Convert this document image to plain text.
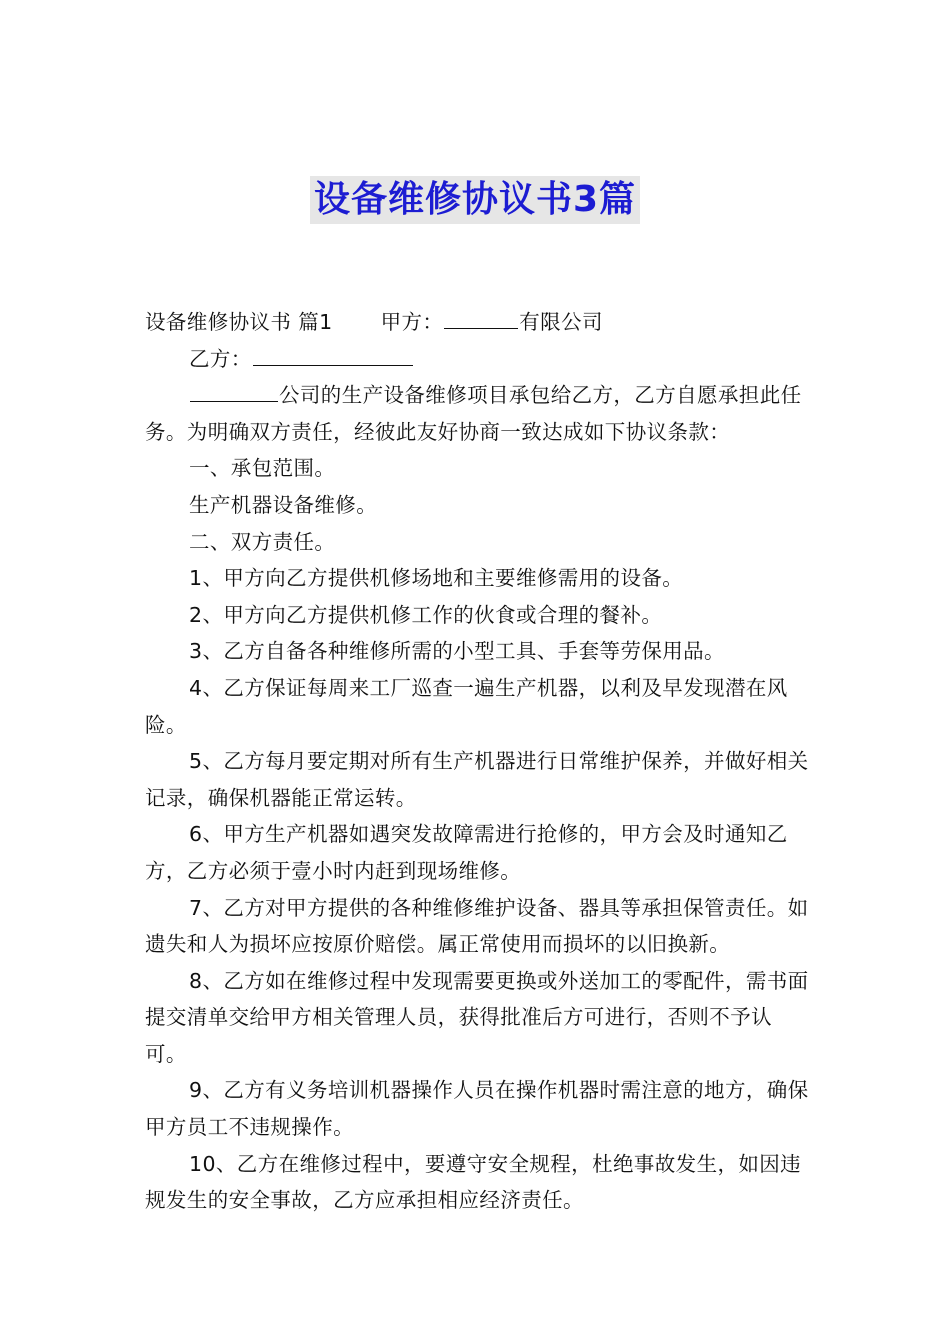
设备维修协议书3篇

设备维修协议书 篇1 甲方：	有限公司

乙方：

公司的生产设备维修项目承包给乙方，乙方自愿承担此任务。为明确双方责任，经彼此友好协商一致达成如下协议条款：

一、承包范围。

生产机器设备维修。

二、双方责任。

1、甲方向乙方提供机修场地和主要维修需用的设备。

2、甲方向乙方提供机修工作的伙食或合理的餐补。

3、乙方自备各种维修所需的小型工具、手套等劳保用品。

4、乙方保证每周来工厂巡查一遍生产机器，以利及早发现潜在风险。

5、乙方每月要定期对所有生产机器进行日常维护保养，并做好相关记录，确保机器能正常运转。

6、甲方生产机器如遇突发故障需进行抢修的，甲方会及时通知乙方，乙方必须于壹小时内赶到现场维修。

7、乙方对甲方提供的各种维修维护设备、器具等承担保管责任。如遗失和人为损坏应按原价赔偿。属正常使用而损坏的以旧换新。

8、乙方如在维修过程中发现需要更换或外送加工的零配件，需书面提交清单交给甲方相关管理人员，获得批准后方可进行，否则不予认可。

9、乙方有义务培训机器操作人员在操作机器时需注意的地方，确保甲方员工不违规操作。

10、乙方在维修过程中，要遵守安全规程，杜绝事故发生，如因违规发生的安全事故，乙方应承担相应经济责任。
